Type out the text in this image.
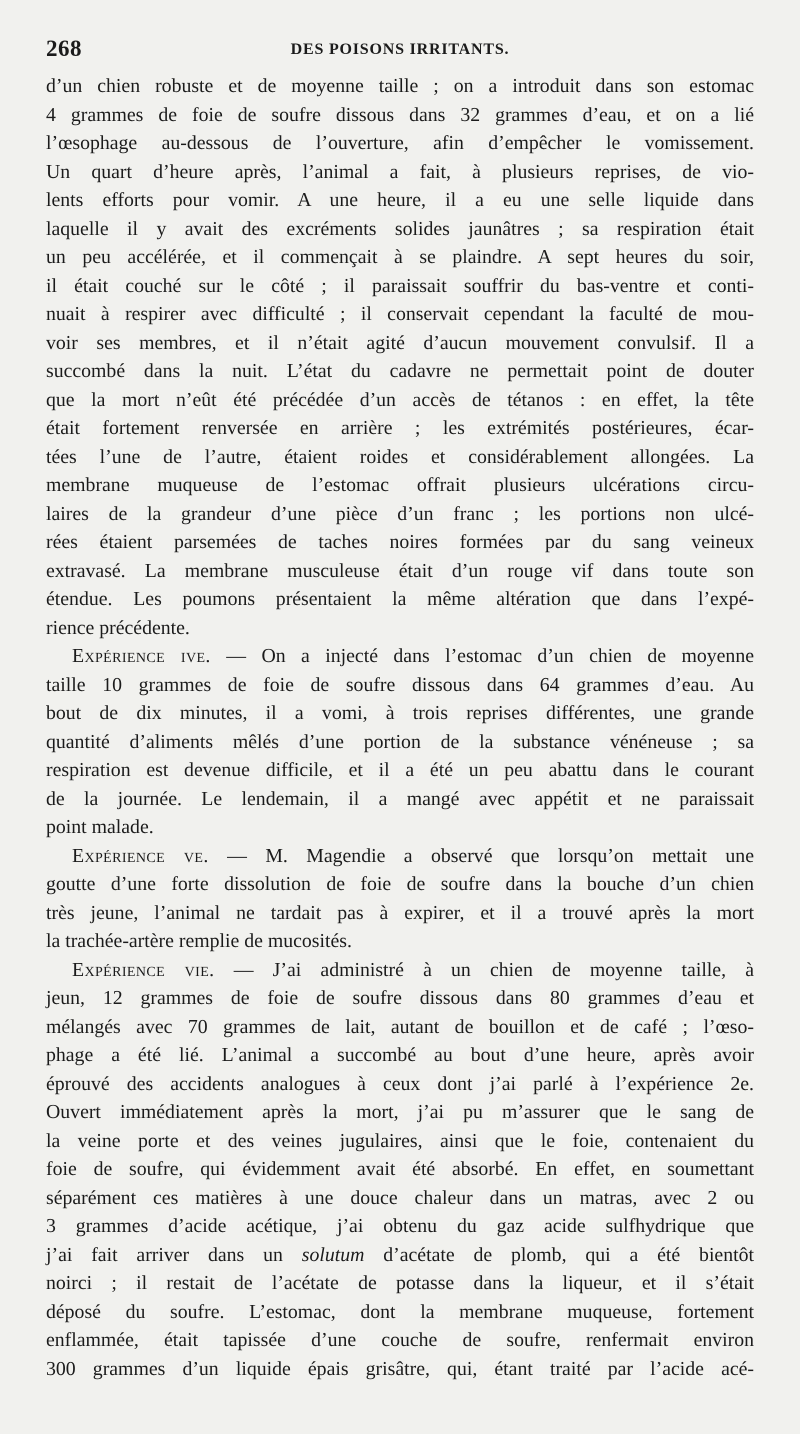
268	DES POISONS IRRITANTS.
d’un chien robuste et de moyenne taille ; on a introduit dans son estomac
4 grammes de foie de soufre dissous dans 32 grammes d’eau, et on a lié
l’œsophage au-dessous de l’ouverture, afin d’empêcher le vomissement.
Un quart d’heure après, l’animal a fait, à plusieurs reprises, de vio-
lents efforts pour vomir. A une heure, il a eu une selle liquide dans
laquelle il y avait des excréments solides jaunâtres ; sa respiration était
un peu accélérée, et il commençait à se plaindre. A sept heures du soir,
il était couché sur le côté ; il paraissait souffrir du bas-ventre et conti-
nuait à respirer avec difficulté ; il conservait cependant la faculté de mou-
voir ses membres, et il n’était agité d’aucun mouvement convulsif. Il a
succombé dans la nuit. L’état du cadavre ne permettait point de douter
que la mort n’eût été précédée d’un accès de tétanos : en effet, la tête
était fortement renversée en arrière ; les extrémités postérieures, écar-
tées l’une de l’autre, étaient roides et considérablement allongées. La
membrane muqueuse de l’estomac offrait plusieurs ulcérations circu-
laires de la grandeur d’une pièce d’un franc ; les portions non ulcé-
rées étaient parsemées de taches noires formées par du sang veineux
extravasé. La membrane musculeuse était d’un rouge vif dans toute son
étendue. Les poumons présentaient la même altération que dans l’expé-
rience précédente.
Expérience ive. — On a injecté dans l’estomac d’un chien de moyenne
taille 10 grammes de foie de soufre dissous dans 64 grammes d’eau. Au
bout de dix minutes, il a vomi, à trois reprises différentes, une grande
quantité d’aliments mêlés d’une portion de la substance vénéneuse ; sa
respiration est devenue difficile, et il a été un peu abattu dans le courant
de la journée. Le lendemain, il a mangé avec appétit et ne paraissait
point malade.
Expérience ve. — M. Magendie a observé que lorsqu’on mettait une
goutte d’une forte dissolution de foie de soufre dans la bouche d’un chien
très jeune, l’animal ne tardait pas à expirer, et il a trouvé après la mort
la trachée-artère remplie de mucosités.
Expérience vie. — J’ai administré à un chien de moyenne taille, à
jeun, 12 grammes de foie de soufre dissous dans 80 grammes d’eau et
mélangés avec 70 grammes de lait, autant de bouillon et de café ; l’œso-
phage a été lié. L’animal a succombé au bout d’une heure, après avoir
éprouvé des accidents analogues à ceux dont j’ai parlé à l’expérience 2e.
Ouvert immédiatement après la mort, j’ai pu m’assurer que le sang de
la veine porte et des veines jugulaires, ainsi que le foie, contenaient du
foie de soufre, qui évidemment avait été absorbé. En effet, en soumettant
séparément ces matières à une douce chaleur dans un matras, avec 2 ou
3 grammes d’acide acétique, j’ai obtenu du gaz acide sulfhydrique que
j’ai fait arriver dans un solutum d’acétate de plomb, qui a été bientôt
noirci ; il restait de l’acétate de potasse dans la liqueur, et il s’était
déposé du soufre. L’estomac, dont la membrane muqueuse, fortement
enflammée, était tapissée d’une couche de soufre, renfermait environ
300 grammes d’un liquide épais grisâtre, qui, étant traité par l’acide acé-
